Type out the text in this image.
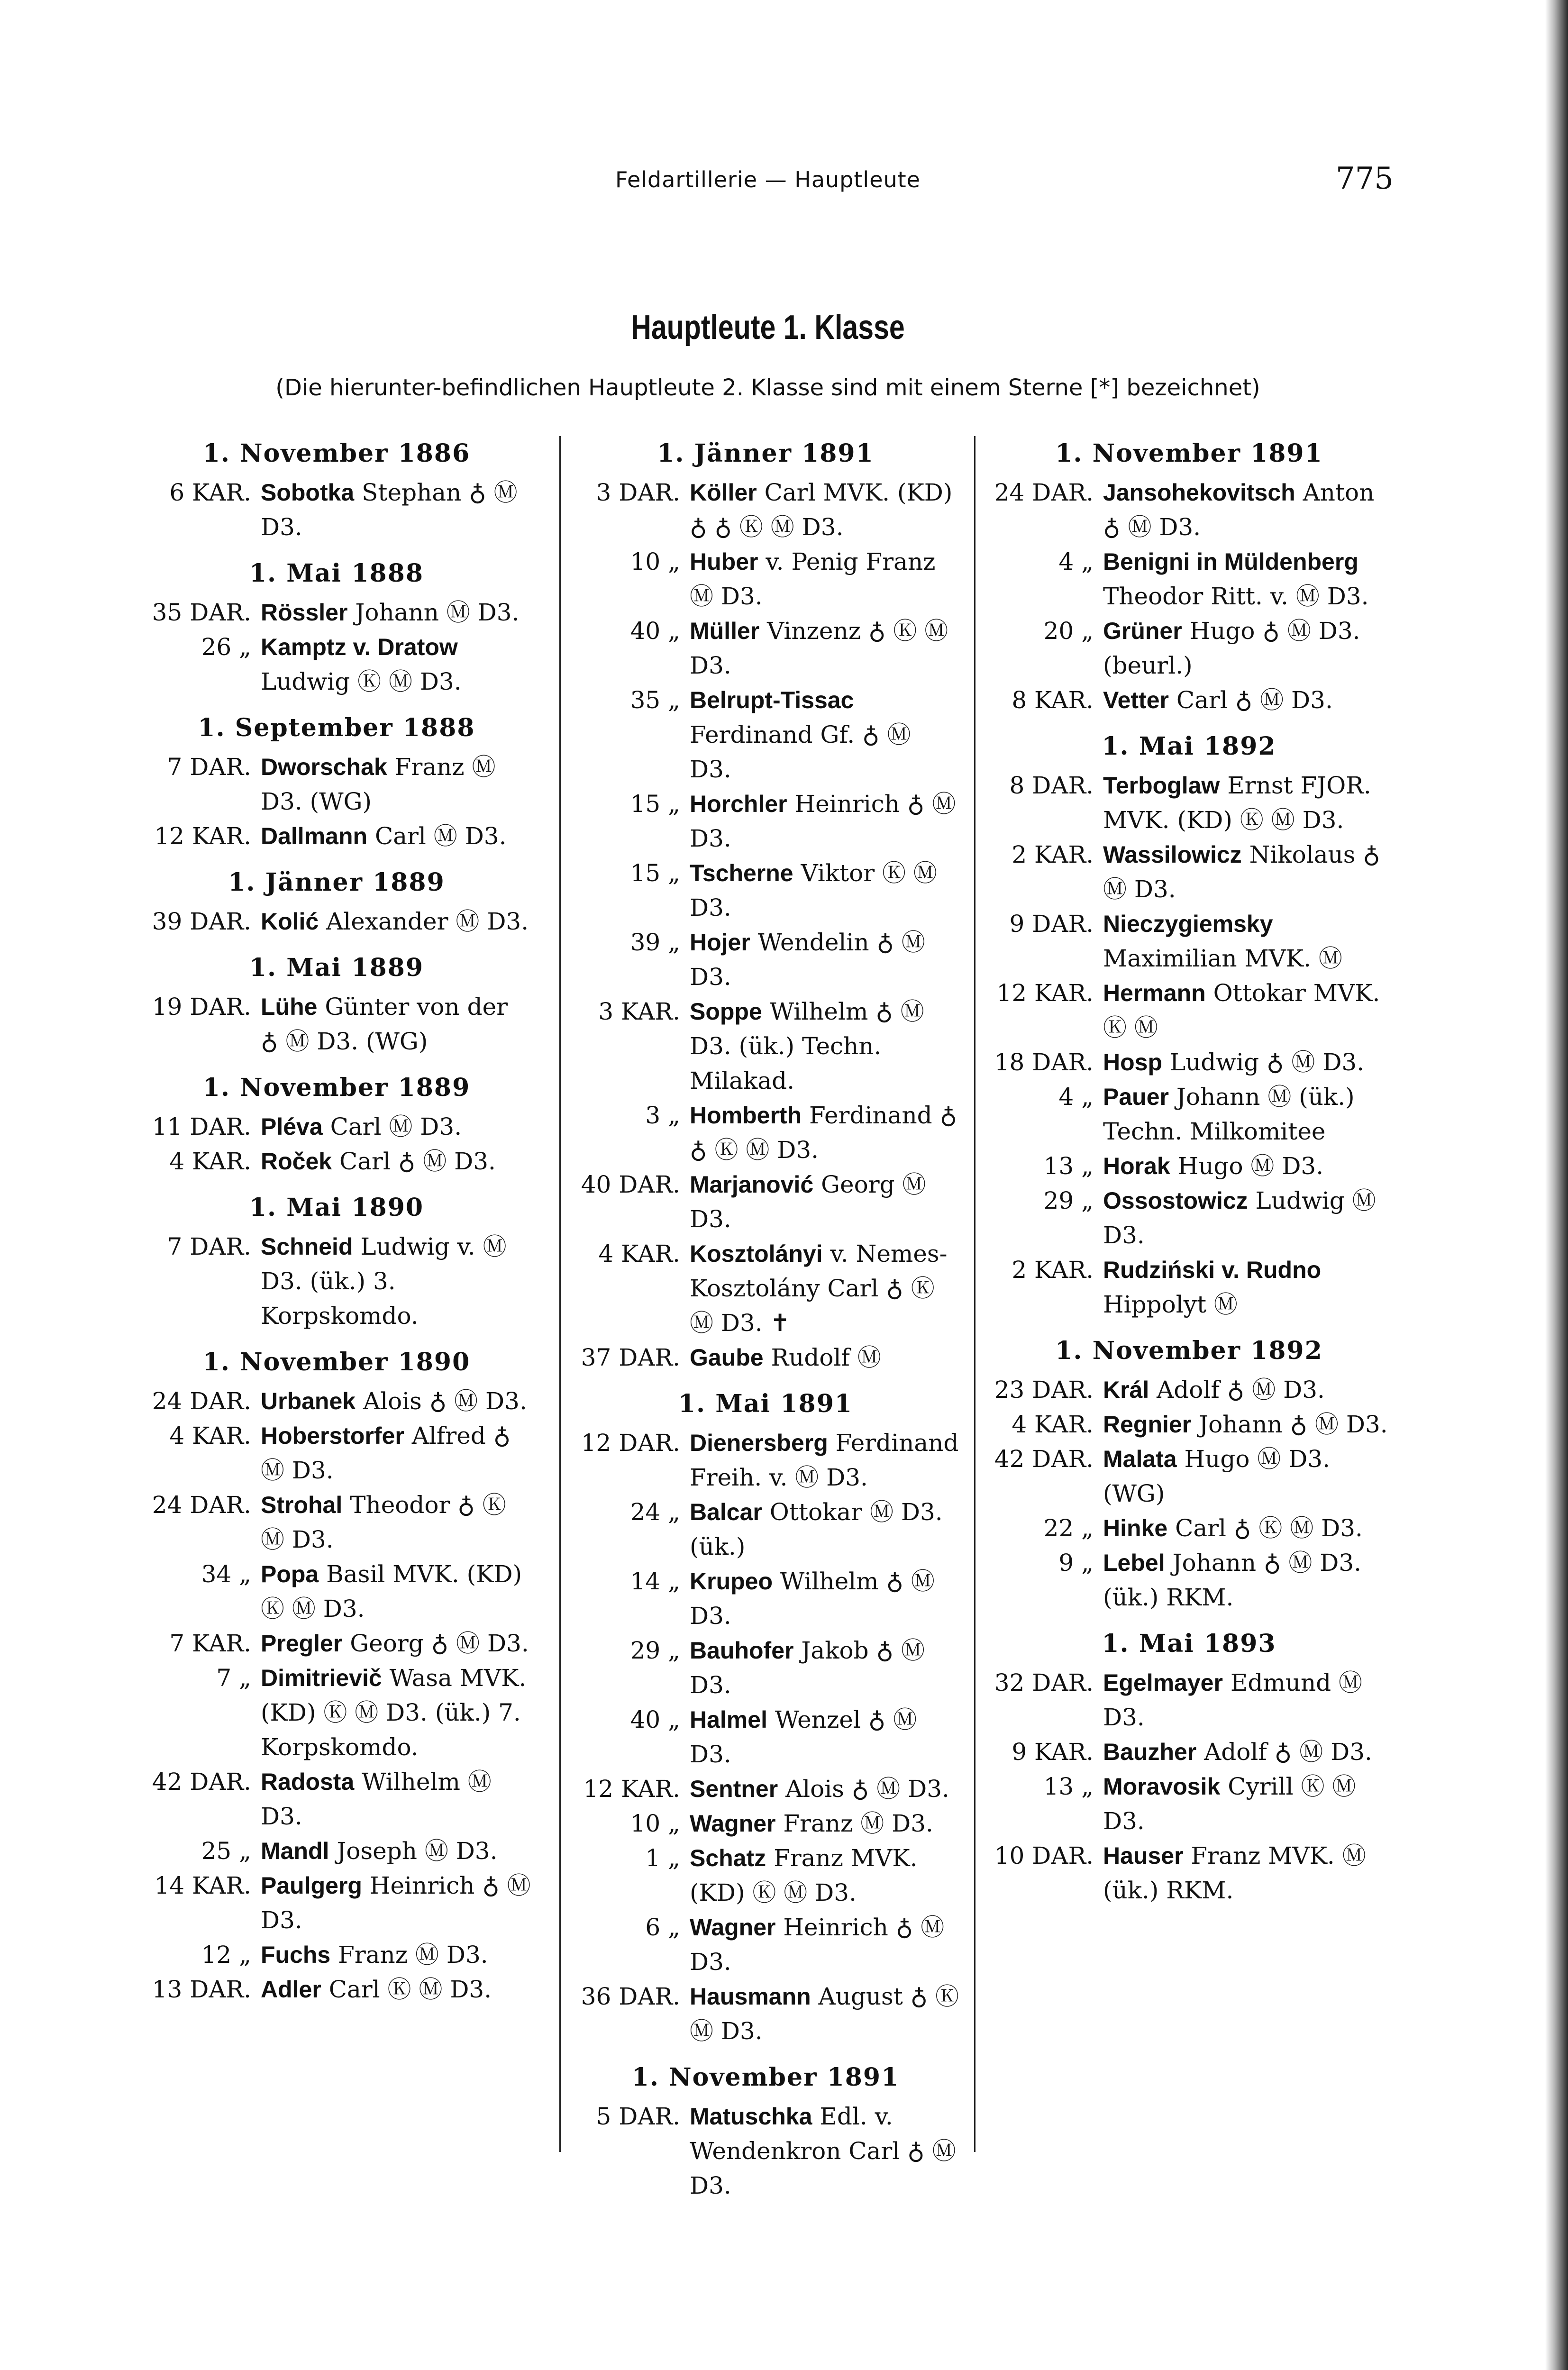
Feldartillerie — Hauptleute	775
Hauptleute 1. Klasse
(Die hierunter-befindlichen Hauptleute 2. Klasse sind mit einem Sterne [*] bezeichnet)
1. November 1886
6 KAR. Sobotka Stephan ♁ Ⓜ D3.
1. Mai 1888
35 DAR. Rössler Johann Ⓜ D3.
26 „ Kamptz v. Dratow Ludwig Ⓚ Ⓜ D3.
1. September 1888
7 DAR. Dworschak Franz Ⓜ D3. (WG)
12 KAR. Dallmann Carl Ⓜ D3.
1. Jänner 1889
39 DAR. Kolić Alexander Ⓜ D3.
1. Mai 1889
19 DAR. Lühe Günter von der ♁ Ⓜ D3. (WG)
1. November 1889
11 DAR. Pléva Carl Ⓜ D3.
4 KAR. Roček Carl ♁ Ⓜ D3.
1. Mai 1890
7 DAR. Schneid Ludwig v. Ⓜ D3. (ük.) 3. Korpskomdo.
1. November 1890
24 DAR. Urbanek Alois ♁ Ⓜ D3.
4 KAR. Hoberstorfer Alfred ♁ Ⓜ D3.
24 DAR. Strohal Theodor ♁ Ⓚ Ⓜ D3.
34 „ Popa Basil MVK. (KD) Ⓚ Ⓜ D3.
7 KAR. Pregler Georg ♁ Ⓜ D3.
7 „ Dimitrievič Wasa MVK. (KD) Ⓚ Ⓜ D3. (ük.) 7. Korpskomdo.
42 DAR. Radosta Wilhelm Ⓜ D3.
25 „ Mandl Joseph Ⓜ D3.
14 KAR. Paulgerg Heinrich ♁ Ⓜ D3.
12 „ Fuchs Franz Ⓜ D3.
13 DAR. Adler Carl Ⓚ Ⓜ D3.
1. Jänner 1891
3 DAR. Köller Carl MVK. (KD) ♁ ♁ Ⓚ Ⓜ D3.
10 „ Huber v. Penig Franz Ⓜ D3.
40 „ Müller Vinzenz ♁ Ⓚ Ⓜ D3.
35 „ Belrupt-Tissac Ferdinand Gf. ♁ Ⓜ D3.
15 „ Horchler Heinrich ♁ Ⓜ D3.
15 „ Tscherne Viktor Ⓚ Ⓜ D3.
39 „ Hojer Wendelin ♁ Ⓜ D3.
3 KAR. Soppe Wilhelm ♁ Ⓜ D3. (ük.) Techn. Milakad.
3 „ Homberth Ferdinand ♁ ♁ Ⓚ Ⓜ D3.
40 DAR. Marjanović Georg Ⓜ D3.
4 KAR. Kosztolányi v. Nemes-Kosztolány Carl ♁ Ⓚ Ⓜ D3. ✝
37 DAR. Gaube Rudolf Ⓜ
1. Mai 1891
12 DAR. Dienersberg Ferdinand Freih. v. Ⓜ D3.
24 „ Balcar Ottokar Ⓜ D3. (ük.)
14 „ Krupeo Wilhelm ♁ Ⓜ D3.
29 „ Bauhofer Jakob ♁ Ⓜ D3.
40 „ Halmel Wenzel ♁ Ⓜ D3.
12 KAR. Sentner Alois ♁ Ⓜ D3.
10 „ Wagner Franz Ⓜ D3.
1 „ Schatz Franz MVK. (KD) Ⓚ Ⓜ D3.
6 „ Wagner Heinrich ♁ Ⓜ D3.
36 DAR. Hausmann August ♁ Ⓚ Ⓜ D3.
1. November 1891
5 DAR. Matuschka Edl. v. Wendenkron Carl ♁ Ⓜ D3.
1. November 1891
24 DAR. Jansohekovitsch Anton ♁ Ⓜ D3.
4 „ Benigni in Müldenberg Theodor Ritt. v. Ⓜ D3.
20 „ Grüner Hugo ♁ Ⓜ D3. (beurl.)
8 KAR. Vetter Carl ♁ Ⓜ D3.
1. Mai 1892
8 DAR. Terboglaw Ernst FJOR. MVK. (KD) Ⓚ Ⓜ D3.
2 KAR. Wassilowicz Nikolaus ♁ Ⓜ D3.
9 DAR. Nieczygiemsky Maximilian MVK. Ⓜ
12 KAR. Hermann Ottokar MVK. Ⓚ Ⓜ
18 DAR. Hosp Ludwig ♁ Ⓜ D3.
4 „ Pauer Johann Ⓜ (ük.) Techn. Milkomitee
13 „ Horak Hugo Ⓜ D3.
29 „ Ossostowicz Ludwig Ⓜ D3.
2 KAR. Rudziński v. Rudno Hippolyt Ⓜ
1. November 1892
23 DAR. Král Adolf ♁ Ⓜ D3.
4 KAR. Regnier Johann ♁ Ⓜ D3.
42 DAR. Malata Hugo Ⓜ D3. (WG)
22 „ Hinke Carl ♁ Ⓚ Ⓜ D3.
9 „ Lebel Johann ♁ Ⓜ D3. (ük.) RKM.
1. Mai 1893
32 DAR. Egelmayer Edmund Ⓜ D3.
9 KAR. Bauzher Adolf ♁ Ⓜ D3.
13 „ Moravosik Cyrill Ⓚ Ⓜ D3.
10 DAR. Hauser Franz MVK. Ⓜ (ük.) RKM.
